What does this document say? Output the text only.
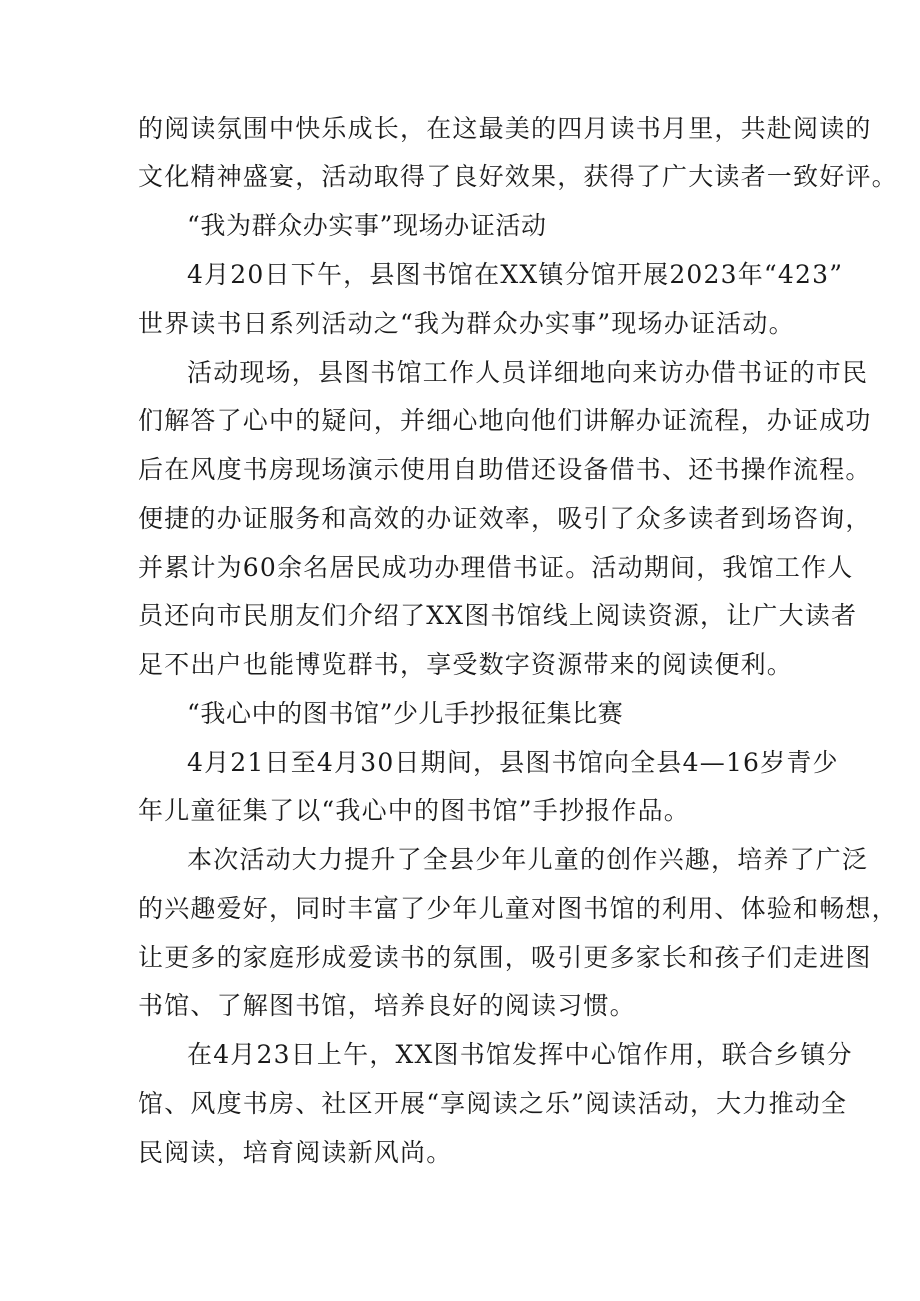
的阅读氛围中快乐成长，在这最美的四月读书月里，共赴阅读的
文化精神盛宴，活动取得了良好效果，获得了广大读者一致好评。
“我为群众办实事”现场办证活动
4月20日下午，县图书馆在XX镇分馆开展2023年“423”
世界读书日系列活动之“我为群众办实事”现场办证活动。
活动现场，县图书馆工作人员详细地向来访办借书证的市民
们解答了心中的疑问，并细心地向他们讲解办证流程，办证成功
后在风度书房现场演示使用自助借还设备借书、还书操作流程。
便捷的办证服务和高效的办证效率，吸引了众多读者到场咨询，
并累计为60余名居民成功办理借书证。活动期间，我馆工作人
员还向市民朋友们介绍了XX图书馆线上阅读资源，让广大读者
足不出户也能博览群书，享受数字资源带来的阅读便利。
“我心中的图书馆”少儿手抄报征集比赛
4月21日至4月30日期间，县图书馆向全县4—16岁青少
年儿童征集了以“我心中的图书馆”手抄报作品。
本次活动大力提升了全县少年儿童的创作兴趣，培养了广泛
的兴趣爱好，同时丰富了少年儿童对图书馆的利用、体验和畅想，
让更多的家庭形成爱读书的氛围，吸引更多家长和孩子们走进图
书馆、了解图书馆，培养良好的阅读习惯。
在4月23日上午，XX图书馆发挥中心馆作用，联合乡镇分
馆、风度书房、社区开展“享阅读之乐”阅读活动，大力推动全
民阅读，培育阅读新风尚。
